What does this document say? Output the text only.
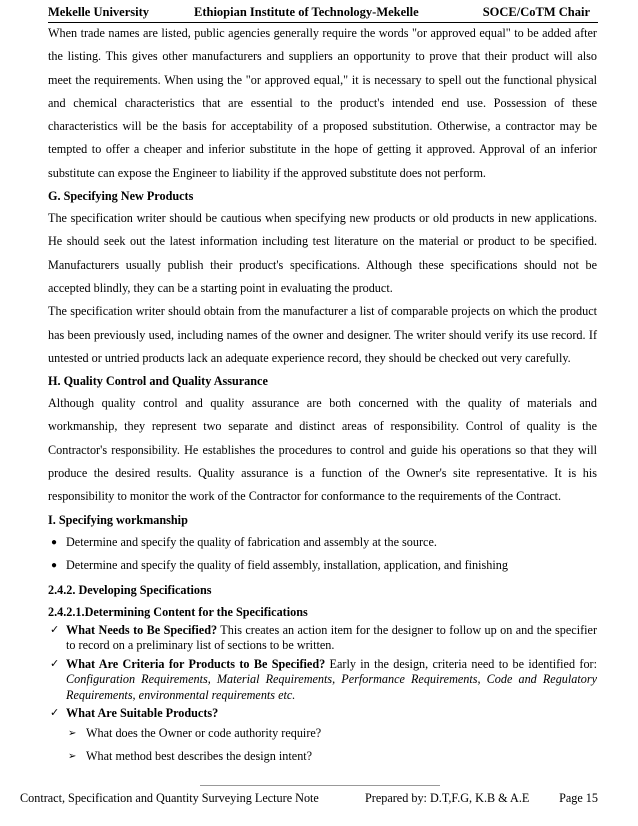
Mekelle University	Ethiopian Institute of Technology-Mekelle	SOCE/CoTM Chair

When trade names are listed, public agencies generally require the words "or approved equal" to be added after the listing. This gives other manufacturers and suppliers an opportunity to prove that their product will also meet the requirements. When using the "or approved equal," it is necessary to spell out the functional physical and chemical characteristics that are essential to the product's intended end use. Possession of these characteristics will be the basis for acceptability of a proposed substitution. Otherwise, a contractor may be tempted to offer a cheaper and inferior substitute in the hope of getting it approved. Approval of an inferior substitute can expose the Engineer to liability if the approved substitute does not perform.

G. Specifying New Products

The specification writer should be cautious when specifying new products or old products in new applications. He should seek out the latest information including test literature on the material or product to be specified. Manufacturers usually publish their product's specifications. Although these specifications should not be accepted blindly, they can be a starting point in evaluating the product.

The specification writer should obtain from the manufacturer a list of comparable projects on which the product has been previously used, including names of the owner and designer. The writer should verify its use record. If untested or untried products lack an adequate experience record, they should be checked out very carefully.

H. Quality Control and Quality Assurance

Although quality control and quality assurance are both concerned with the quality of materials and workmanship, they represent two separate and distinct areas of responsibility. Control of quality is the Contractor's responsibility. He establishes the procedures to control and guide his operations so that they will produce the desired results. Quality assurance is a function of the Owner's site representative. It is his responsibility to monitor the work of the Contractor for conformance to the requirements of the Contract.

I. Specifying workmanship
● Determine and specify the quality of fabrication and assembly at the source.
● Determine and specify the quality of field assembly, installation, application, and finishing
2.4.2. Developing Specifications
2.4.2.1.Determining Content for the Specifications
✓ What Needs to Be Specified? This creates an action item for the designer to follow up on and the specifier to record on a preliminary list of sections to be written.
✓ What Are Criteria for Products to Be Specified? Early in the design, criteria need to be identified for: Configuration Requirements, Material Requirements, Performance Requirements, Code and Regulatory Requirements, environmental requirements etc.
✓ What Are Suitable Products?
➢ What does the Owner or code authority require?
➢ What method best describes the design intent?
Contract, Specification and Quantity Surveying Lecture Note	Prepared by: D.T,F.G, K.B & A.E Page 15
